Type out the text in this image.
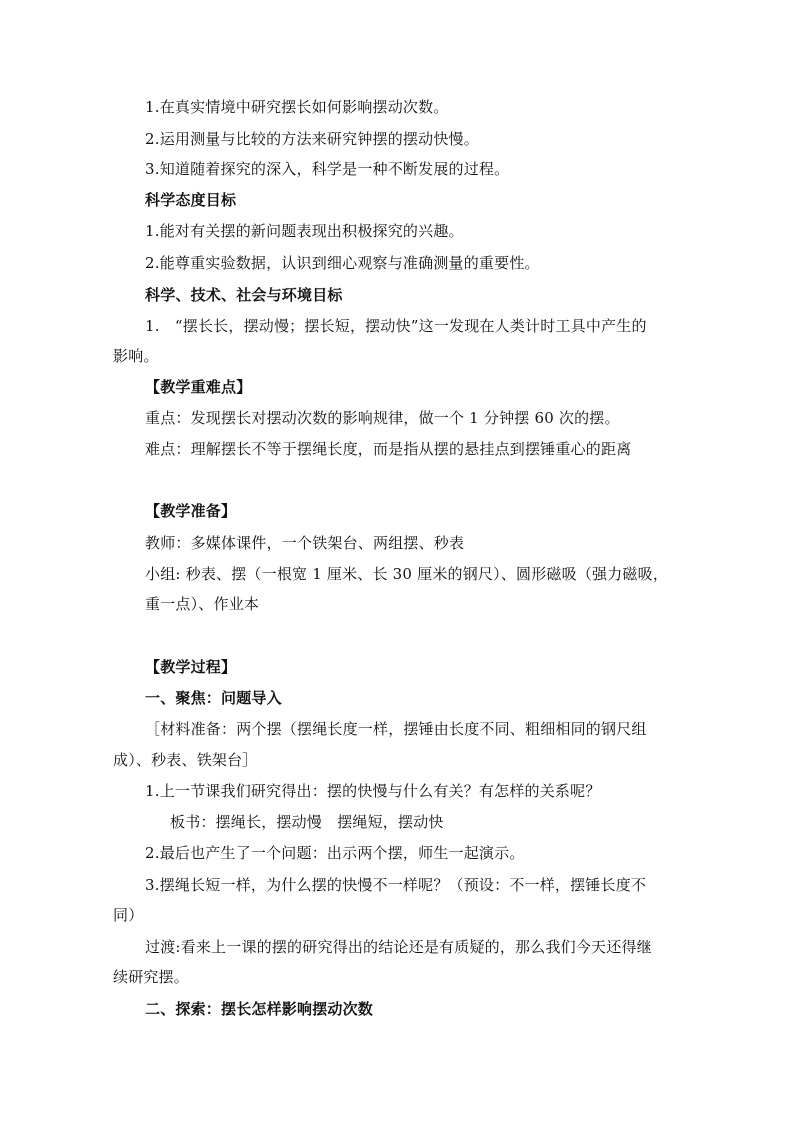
1.在真实情境中研究摆长如何影响摆动次数。
2.运用测量与比较的方法来研究钟摆的摆动快慢。
3.知道随着探究的深入，科学是一种不断发展的过程。
科学态度目标
1.能对有关摆的新问题表现出积极探究的兴趣。
2.能尊重实验数据，认识到细心观察与准确测量的重要性。
科学、技术、社会与环境目标
1.　“摆长长，摆动慢；摆长短，摆动快”这一发现在人类计时工具中产生的
影响。
【教学重难点】
重点：发现摆长对摆动次数的影响规律，做一个 1 分钟摆 60 次的摆。
难点：理解摆长不等于摆绳长度，而是指从摆的悬挂点到摆锤重心的距离
【教学准备】
教师：多媒体课件，一个铁架台、两组摆、秒表
小组: 秒表、摆（一根宽 1 厘米、长 30 厘米的钢尺）、圆形磁吸（强力磁吸，
重一点）、作业本
【教学过程】
一、聚焦：问题导入
［材料准备：两个摆（摆绳长度一样，摆锤由长度不同、粗细相同的钢尺组
成）、秒表、铁架台］
1.上一节课我们研究得出：摆的快慢与什么有关？有怎样的关系呢？
板书：摆绳长，摆动慢　摆绳短，摆动快
2.最后也产生了一个问题：出示两个摆，师生一起演示。
3.摆绳长短一样，为什么摆的快慢不一样呢？（预设：不一样，摆锤长度不
同）
过渡:看来上一课的摆的研究得出的结论还是有质疑的，那么我们今天还得继
续研究摆。
二、探索：摆长怎样影响摆动次数
